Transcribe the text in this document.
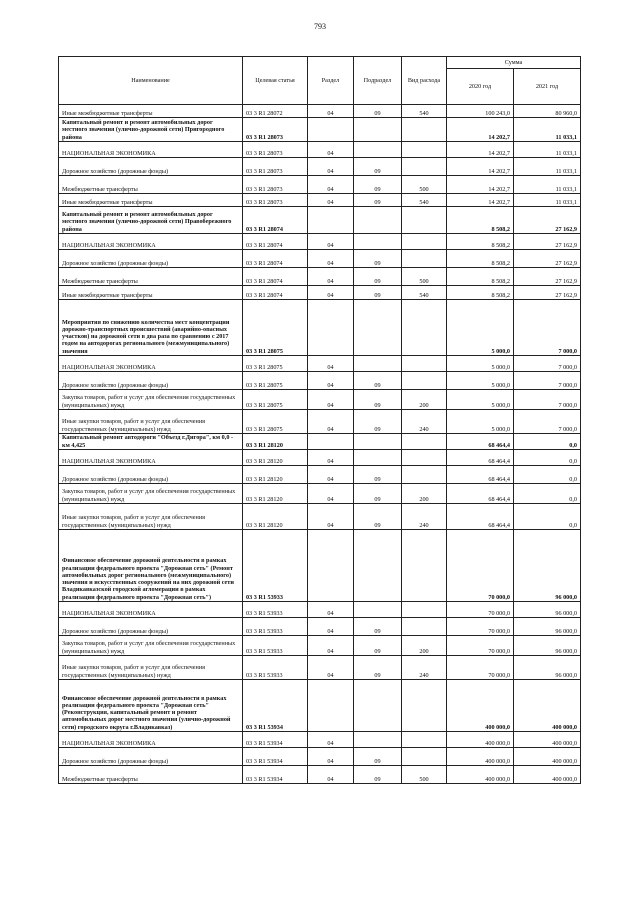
793
Наименование	Целевая статья	Раздел	Подраздел	Вид расхода	Сумма	
					2020 год	2021 год
Иные межбюджетные трансферты	03 3 R1 28072	04	09	540	100 243,0	80 960,0
Капитальный ремонт и ремонт автомобильных дорог местного значения (улично-дорожной сети) Пригородного района	03 3 R1 28073				14 202,7	11 033,1
НАЦИОНАЛЬНАЯ ЭКОНОМИКА	03 3 R1 28073	04			14 202,7	11 033,1
Дорожное хозяйство (дорожные фонды)	03 3 R1 28073	04	09		14 202,7	11 033,1
Межбюджетные трансферты	03 3 R1 28073	04	09	500	14 202,7	11 033,1
Иные межбюджетные трансферты	03 3 R1 28073	04	09	540	14 202,7	11 033,1
Капитальный ремонт и ремонт автомобильных дорог местного значения (улично-дорожной сети) Правобережного района	03 3 R1 28074				8 508,2	27 162,9
НАЦИОНАЛЬНАЯ ЭКОНОМИКА	03 3 R1 28074	04			8 508,2	27 162,9
Дорожное хозяйство (дорожные фонды)	03 3 R1 28074	04	09		8 508,2	27 162,9
Межбюджетные трансферты	03 3 R1 28074	04	09	500	8 508,2	27 162,9
Иные межбюджетные трансферты	03 3 R1 28074	04	09	540	8 508,2	27 162,9
Мероприятия по снижению количества мест концентрации дорожно-транспортных происшествий (аварийно-опасных участков) на дорожной сети в два раза по сравнению с 2017 годом на автодорогах регионального (межмуниципального) значения	03 3 R1 28075				5 000,0	7 000,0
НАЦИОНАЛЬНАЯ ЭКОНОМИКА	03 3 R1 28075	04			5 000,0	7 000,0
Дорожное хозяйство (дорожные фонды)	03 3 R1 28075	04	09		5 000,0	7 000,0
Закупка товаров, работ и услуг для обеспечения государственных (муниципальных) нужд	03 3 R1 28075	04	09	200	5 000,0	7 000,0
Иные закупки товаров, работ и услуг для обеспечения государственных (муниципальных) нужд	03 3 R1 28075	04	09	240	5 000,0	7 000,0
Капитальный ремонт автодороги "Объезд г.Дигора", км 0,0 - км 4,425	03 3 R1 28120				68 464,4	0,0
НАЦИОНАЛЬНАЯ ЭКОНОМИКА	03 3 R1 28120	04			68 464,4	0,0
Дорожное хозяйство (дорожные фонды)	03 3 R1 28120	04	09		68 464,4	0,0
Закупка товаров, работ и услуг для обеспечения государственных (муниципальных) нужд	03 3 R1 28120	04	09	200	68 464,4	0,0
Иные закупки товаров, работ и услуг для обеспечения государственных (муниципальных) нужд	03 3 R1 28120	04	09	240	68 464,4	0,0
Финансовое обеспечение дорожной деятельности в рамках реализации федерального проекта "Дорожная сеть" (Ремонт автомобильных дорог регионального (межмуниципального) значения и искусственных сооружений на них дорожной сети Владикавказской городской агломерации в рамках реализации федерального проекта "Дорожная сеть")	03 3 R1 53933				70 000,0	96 000,0
НАЦИОНАЛЬНАЯ ЭКОНОМИКА	03 3 R1 53933	04			70 000,0	96 000,0
Дорожное хозяйство (дорожные фонды)	03 3 R1 53933	04	09		70 000,0	96 000,0
Закупка товаров, работ и услуг для обеспечения государственных (муниципальных) нужд	03 3 R1 53933	04	09	200	70 000,0	96 000,0
Иные закупки товаров, работ и услуг для обеспечения государственных (муниципальных) нужд	03 3 R1 53933	04	09	240	70 000,0	96 000,0
Финансовое обеспечение дорожной деятельности в рамках реализации федерального проекта "Дорожная сеть" (Реконструкция, капитальный ремонт и ремонт автомобильных дорог местного значения (улично-дорожной сети) городского округа г.Владикавказ)	03 3 R1 53934				400 000,0	400 000,0
НАЦИОНАЛЬНАЯ ЭКОНОМИКА	03 3 R1 53934	04			400 000,0	400 000,0
Дорожное хозяйство (дорожные фонды)	03 3 R1 53934	04	09		400 000,0	400 000,0
Межбюджетные трансферты	03 3 R1 53934	04	09	500	400 000,0	400 000,0
